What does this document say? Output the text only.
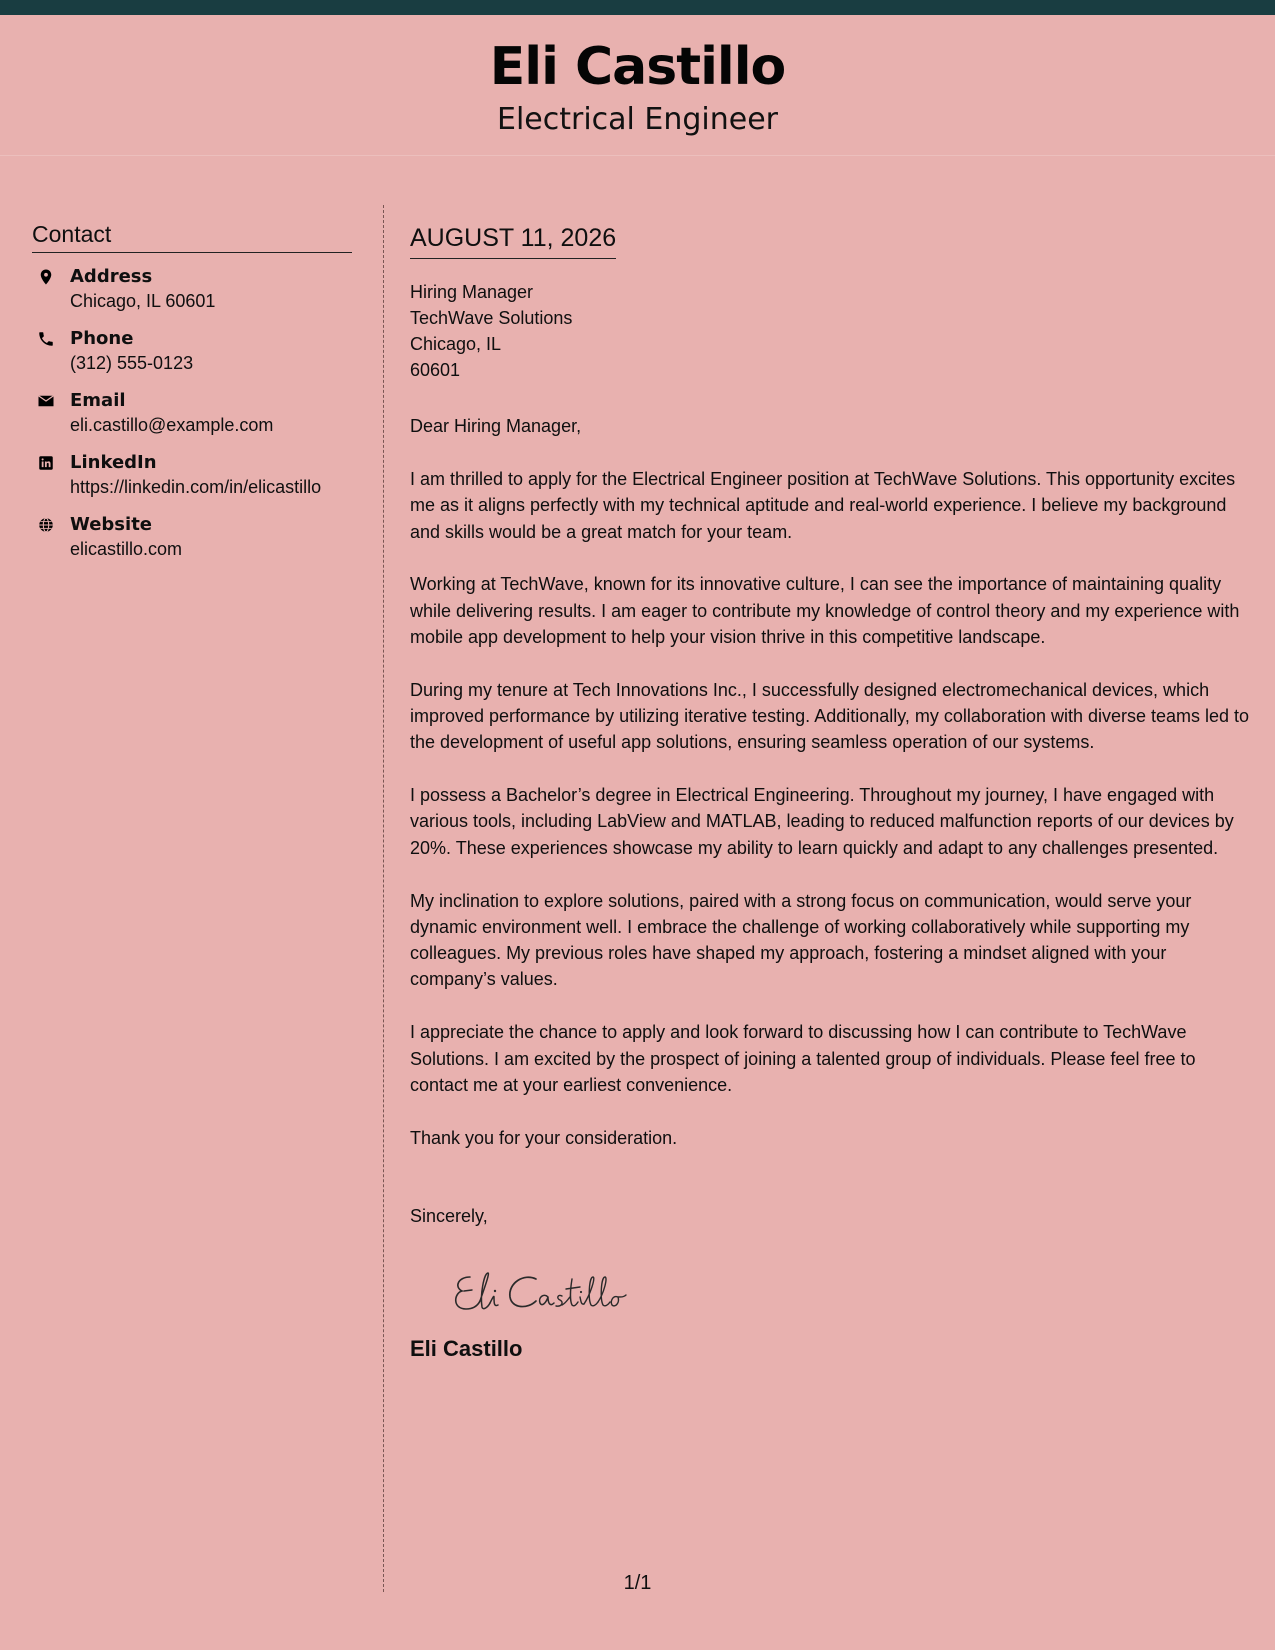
Eli Castillo
Electrical Engineer
Contact
Address
Chicago, IL 60601
Phone
(312) 555-0123
Email
eli.castillo@example.com
LinkedIn
https://linkedin.com/in/elicastillo
Website
elicastillo.com
AUGUST 11, 2026
Hiring Manager
TechWave Solutions
Chicago, IL
60601
Dear Hiring Manager,

I am thrilled to apply for the Electrical Engineer position at TechWave Solutions. This opportunity excites me as it aligns perfectly with my technical aptitude and real-world experience. I believe my background and skills would be a great match for your team.

Working at TechWave, known for its innovative culture, I can see the importance of maintaining quality while delivering results. I am eager to contribute my knowledge of control theory and my experience with mobile app development to help your vision thrive in this competitive landscape.

During my tenure at Tech Innovations Inc., I successfully designed electromechanical devices, which improved performance by utilizing iterative testing. Additionally, my collaboration with diverse teams led to the development of useful app solutions, ensuring seamless operation of our systems.

I possess a Bachelor’s degree in Electrical Engineering. Throughout my journey, I have engaged with various tools, including LabView and MATLAB, leading to reduced malfunction reports of our devices by 20%. These experiences showcase my ability to learn quickly and adapt to any challenges presented.

My inclination to explore solutions, paired with a strong focus on communication, would serve your dynamic environment well. I embrace the challenge of working collaboratively while supporting my colleagues. My previous roles have shaped my approach, fostering a mindset aligned with your company’s values.

I appreciate the chance to apply and look forward to discussing how I can contribute to TechWave Solutions. I am excited by the prospect of joining a talented group of individuals. Please feel free to contact me at your earliest convenience.

Thank you for your consideration.
Sincerely,
Eli Castillo
1/1
